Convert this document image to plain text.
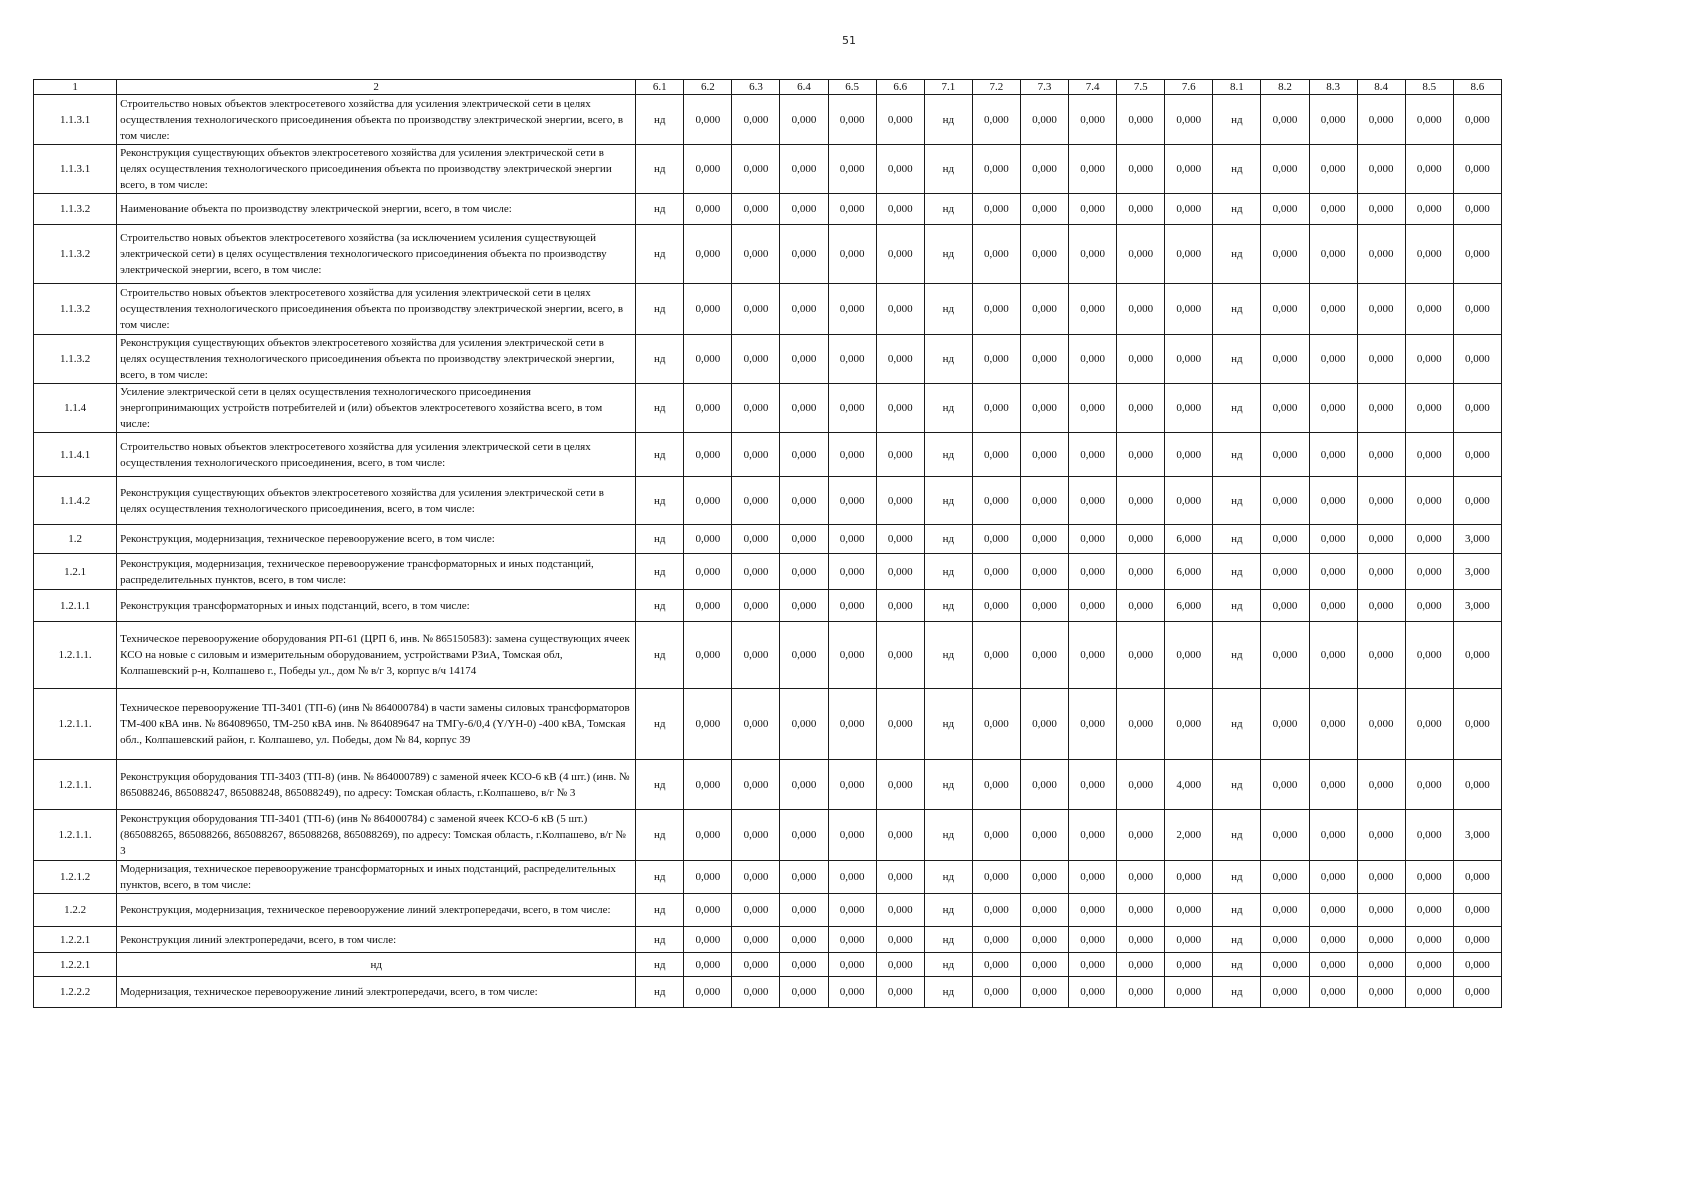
51
1	2	6.1	6.2	6.3	6.4	6.5	6.6	7.1	7.2	7.3	7.4	7.5	7.6	8.1	8.2	8.3	8.4	8.5	8.6
1.1.3.1	Строительство новых объектов электросетевого хозяйства для усиления электрической сети в целях осуществления технологического присоединения объекта по производству электрической энергии, всего, в том числе:	нд	0,000	0,000	0,000	0,000	0,000	нд	0,000	0,000	0,000	0,000	0,000	нд	0,000	0,000	0,000	0,000	0,000
1.1.3.1	Реконструкция существующих объектов электросетевого хозяйства для усиления электрической сети в целях осуществления технологического присоединения объекта по производству электрической энергии всего, в том числе:	нд	0,000	0,000	0,000	0,000	0,000	нд	0,000	0,000	0,000	0,000	0,000	нд	0,000	0,000	0,000	0,000	0,000
1.1.3.2	Наименование объекта по производству электрической энергии, всего, в том числе:	нд	0,000	0,000	0,000	0,000	0,000	нд	0,000	0,000	0,000	0,000	0,000	нд	0,000	0,000	0,000	0,000	0,000
1.1.3.2	Строительство новых объектов электросетевого хозяйства (за исключением усиления существующей электрической сети) в целях осуществления технологического присоединения объекта по производству электрической энергии, всего, в том числе:	нд	0,000	0,000	0,000	0,000	0,000	нд	0,000	0,000	0,000	0,000	0,000	нд	0,000	0,000	0,000	0,000	0,000
1.1.3.2	Строительство новых объектов электросетевого хозяйства для усиления электрической сети в целях осуществления технологического присоединения объекта по производству электрической энергии, всего, в том числе:	нд	0,000	0,000	0,000	0,000	0,000	нд	0,000	0,000	0,000	0,000	0,000	нд	0,000	0,000	0,000	0,000	0,000
1.1.3.2	Реконструкция существующих объектов электросетевого хозяйства для усиления электрической сети в целях осуществления технологического присоединения объекта по производству электрической энергии, всего, в том числе:	нд	0,000	0,000	0,000	0,000	0,000	нд	0,000	0,000	0,000	0,000	0,000	нд	0,000	0,000	0,000	0,000	0,000
1.1.4	Усиление электрической сети в целях осуществления технологического присоединения энергопринимающих устройств потребителей и (или) объектов электросетевого хозяйства всего, в том числе:	нд	0,000	0,000	0,000	0,000	0,000	нд	0,000	0,000	0,000	0,000	0,000	нд	0,000	0,000	0,000	0,000	0,000
1.1.4.1	Строительство новых объектов электросетевого хозяйства для усиления электрической сети в целях осуществления технологического присоединения, всего, в том числе:	нд	0,000	0,000	0,000	0,000	0,000	нд	0,000	0,000	0,000	0,000	0,000	нд	0,000	0,000	0,000	0,000	0,000
1.1.4.2	Реконструкция существующих объектов электросетевого хозяйства для усиления электрической сети в целях осуществления технологического присоединения, всего, в том числе:	нд	0,000	0,000	0,000	0,000	0,000	нд	0,000	0,000	0,000	0,000	0,000	нд	0,000	0,000	0,000	0,000	0,000
1.2	Реконструкция, модернизация, техническое перевооружение всего, в том числе:	нд	0,000	0,000	0,000	0,000	0,000	нд	0,000	0,000	0,000	0,000	6,000	нд	0,000	0,000	0,000	0,000	3,000
1.2.1	Реконструкция, модернизация, техническое перевооружение трансформаторных и иных подстанций, распределительных пунктов, всего, в том числе:	нд	0,000	0,000	0,000	0,000	0,000	нд	0,000	0,000	0,000	0,000	6,000	нд	0,000	0,000	0,000	0,000	3,000
1.2.1.1	Реконструкция трансформаторных и иных подстанций, всего, в том числе:	нд	0,000	0,000	0,000	0,000	0,000	нд	0,000	0,000	0,000	0,000	6,000	нд	0,000	0,000	0,000	0,000	3,000
1.2.1.1.	Техническое перевооружение оборудования РП-61 (ЦРП 6, инв. № 865150583): замена существующих ячеек КСО на новые с силовым и измерительным оборудованием, устройствами РЗиА, Томская обл, Колпашевский р-н, Колпашево г., Победы ул., дом № в/г 3, корпус в/ч 14174	нд	0,000	0,000	0,000	0,000	0,000	нд	0,000	0,000	0,000	0,000	0,000	нд	0,000	0,000	0,000	0,000	0,000
1.2.1.1.	Техническое перевооружение ТП-3401 (ТП-6) (инв № 864000784) в части замены силовых трансформаторов ТМ-400 кВА инв. № 864089650, ТМ-250 кВА инв. № 864089647 на ТМГу-6/0,4 (Y/YH-0) -400 кВА, Томская обл., Колпашевский район, г. Колпашево, ул. Победы, дом № 84, корпус 39	нд	0,000	0,000	0,000	0,000	0,000	нд	0,000	0,000	0,000	0,000	0,000	нд	0,000	0,000	0,000	0,000	0,000
1.2.1.1.	Реконструкция оборудования ТП-3403 (ТП-8) (инв. № 864000789) с заменой ячеек КСО-6 кВ (4 шт.) (инв. № 865088246, 865088247, 865088248, 865088249), по адресу: Томская область, г.Колпашево, в/г № 3	нд	0,000	0,000	0,000	0,000	0,000	нд	0,000	0,000	0,000	0,000	4,000	нд	0,000	0,000	0,000	0,000	0,000
1.2.1.1.	Реконструкция оборудования ТП-3401 (ТП-6) (инв № 864000784) с заменой ячеек КСО-6 кВ (5 шт.) (865088265, 865088266, 865088267, 865088268, 865088269), по адресу: Томская область, г.Колпашево, в/г № 3	нд	0,000	0,000	0,000	0,000	0,000	нд	0,000	0,000	0,000	0,000	2,000	нд	0,000	0,000	0,000	0,000	3,000
1.2.1.2	Модернизация, техническое перевооружение трансформаторных и иных подстанций, распределительных пунктов, всего, в том числе:	нд	0,000	0,000	0,000	0,000	0,000	нд	0,000	0,000	0,000	0,000	0,000	нд	0,000	0,000	0,000	0,000	0,000
1.2.2	Реконструкция, модернизация, техническое перевооружение линий электропередачи, всего, в том числе:	нд	0,000	0,000	0,000	0,000	0,000	нд	0,000	0,000	0,000	0,000	0,000	нд	0,000	0,000	0,000	0,000	0,000
1.2.2.1	Реконструкция линий электропередачи, всего, в том числе:	нд	0,000	0,000	0,000	0,000	0,000	нд	0,000	0,000	0,000	0,000	0,000	нд	0,000	0,000	0,000	0,000	0,000
1.2.2.1	нд	нд	0,000	0,000	0,000	0,000	0,000	нд	0,000	0,000	0,000	0,000	0,000	нд	0,000	0,000	0,000	0,000	0,000
1.2.2.2	Модернизация, техническое перевооружение линий электропередачи, всего, в том числе:	нд	0,000	0,000	0,000	0,000	0,000	нд	0,000	0,000	0,000	0,000	0,000	нд	0,000	0,000	0,000	0,000	0,000
